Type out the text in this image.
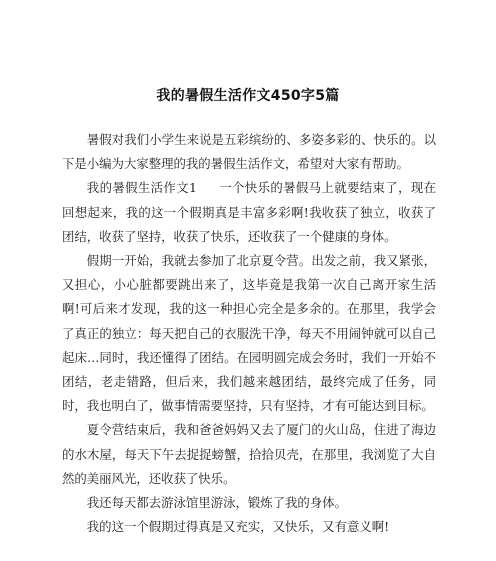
我的暑假生活作文450字5篇

暑假对我们小学生来说是五彩缤纷的、多姿多彩的、快乐的。以下是小编为大家整理的我的暑假生活作文，希望对大家有帮助。

我的暑假生活作文1 一个快乐的暑假马上就要结束了，现在回想起来，我的这一个假期真是丰富多彩啊!我收获了独立，收获了团结，收获了坚持，收获了快乐，还收获了一个健康的身体。

假期一开始，我就去参加了北京夏令营。出发之前，我又紧张，又担心，小心脏都要跳出来了，这毕竟是我第一次自己离开家生活啊!可后来才发现，我的这一种担心完全是多余的。在那里，我学会了真正的独立：每天把自己的衣服洗干净，每天不用闹钟就可以自己起床…同时，我还懂得了团结。在园明圆完成会务时，我们一开始不团结，老走错路，但后来，我们越来越团结，最终完成了任务，同时，我也明白了，做事情需要坚持，只有坚持，才有可能达到目标。

夏令营结束后，我和爸爸妈妈又去了厦门的火山岛，住进了海边的水木屋，每天下午去捉捉螃蟹，拾拾贝壳，在那里，我浏览了大自然的美丽风光，还收获了快乐。

我还每天都去游泳馆里游泳，锻炼了我的身体。

我的这一个假期过得真是又充实，又快乐，又有意义啊!
